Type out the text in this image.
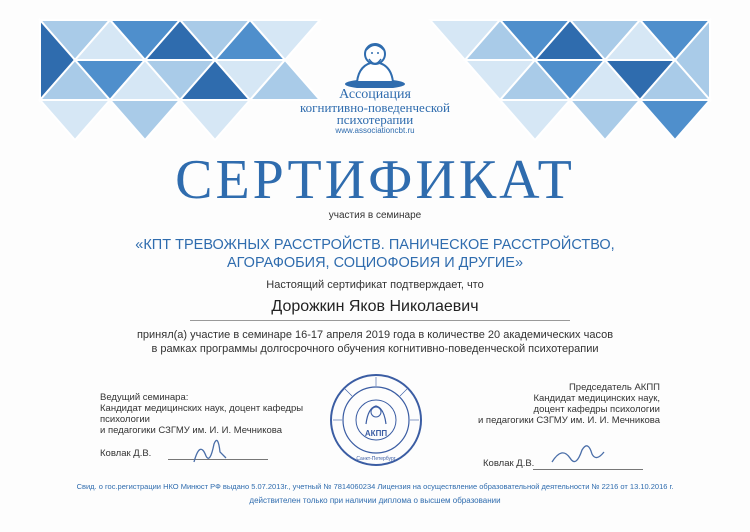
Ассоциация
когнитивно-поведенческой
психотерапии
www.associationcbt.ru
СЕРТИФИКАТ
участия в семинаре
«КПТ ТРЕВОЖНЫХ РАССТРОЙСТВ. ПАНИЧЕСКОЕ РАССТРОЙСТВО,
АГОРАФОБИЯ, СОЦИОФОБИЯ И ДРУГИЕ»
Настоящий сертификат подтверждает, что
Дорожкин Яков Николаевич
принял(а) участие в семинаре 16-17 апреля 2019 года в количестве 20 академических часов
в рамках программы долгосрочного обучения когнитивно-поведенческой психотерапии
Ведущий семинара:
Кандидат медицинских наук, доцент кафедры
психологии
и педагогики СЗГМУ им. И. И. Мечникова
Ковлак Д.В.
Председатель АКПП
Кандидат медицинских наук,
доцент кафедры психологии
и педагогики СЗГМУ им. И. И. Мечникова
Ковлак Д.В.
АКПП
Санкт-Петербург
Свид. о гос.регистрации НКО Минюст РФ выдано 5.07.2013г., учетный № 7814060234 Лицензия на осуществление образовательной деятельности № 2216 от 13.10.2016 г.
действителен только при наличии диплома о высшем образовании
